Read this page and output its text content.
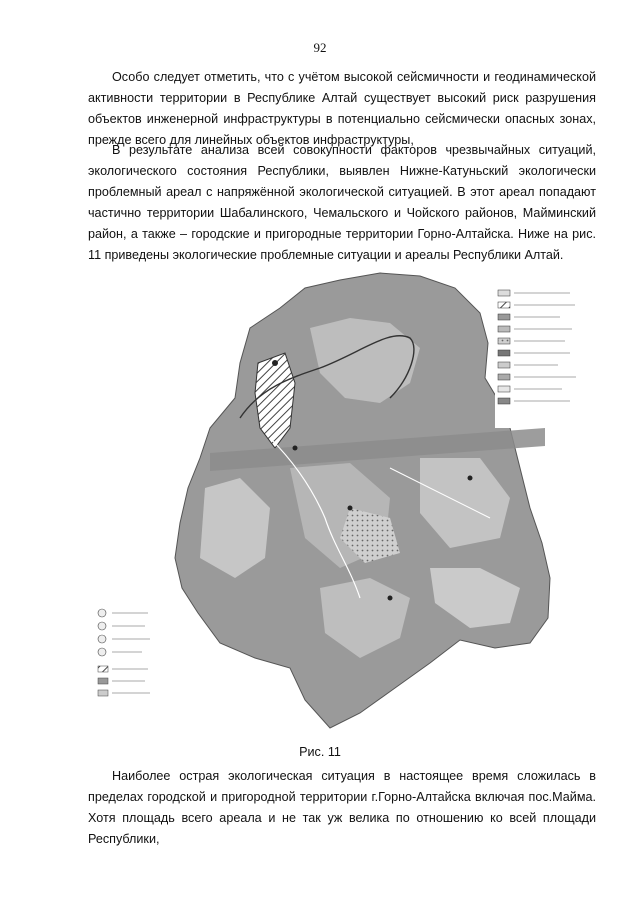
92

Особо следует отметить, что с учётом высокой сейсмичности и геодинамической активности территории в Республике Алтай существует высокий риск разрушения объектов инженерной инфраструктуры в потенциально сейсмически опасных зонах, прежде всего для линейных объектов инфраструктуры,

В результате анализа всей совокупности факторов чрезвычайных ситуаций, экологического состояния Республики, выявлен Нижне-Катуньский экологически проблемный ареал с напряжённой экологической ситуацией. В этот ареал попадают частично территории Шабалинского, Чемальского и Чойского районов, Майминский район, а также – городские и пригородные территории Горно-Алтайска. Ниже на рис. 11 приведены экологические проблемные ситуации и ареалы Республики Алтай.

Рис. 11

Наиболее острая экологическая ситуация в настоящее время сложилась в пределах городской и пригородной территории г.Горно-Алтайска включая пос.Майма. Хотя площадь всего ареала и не так уж велика по отношению ко всей площади Республики,
